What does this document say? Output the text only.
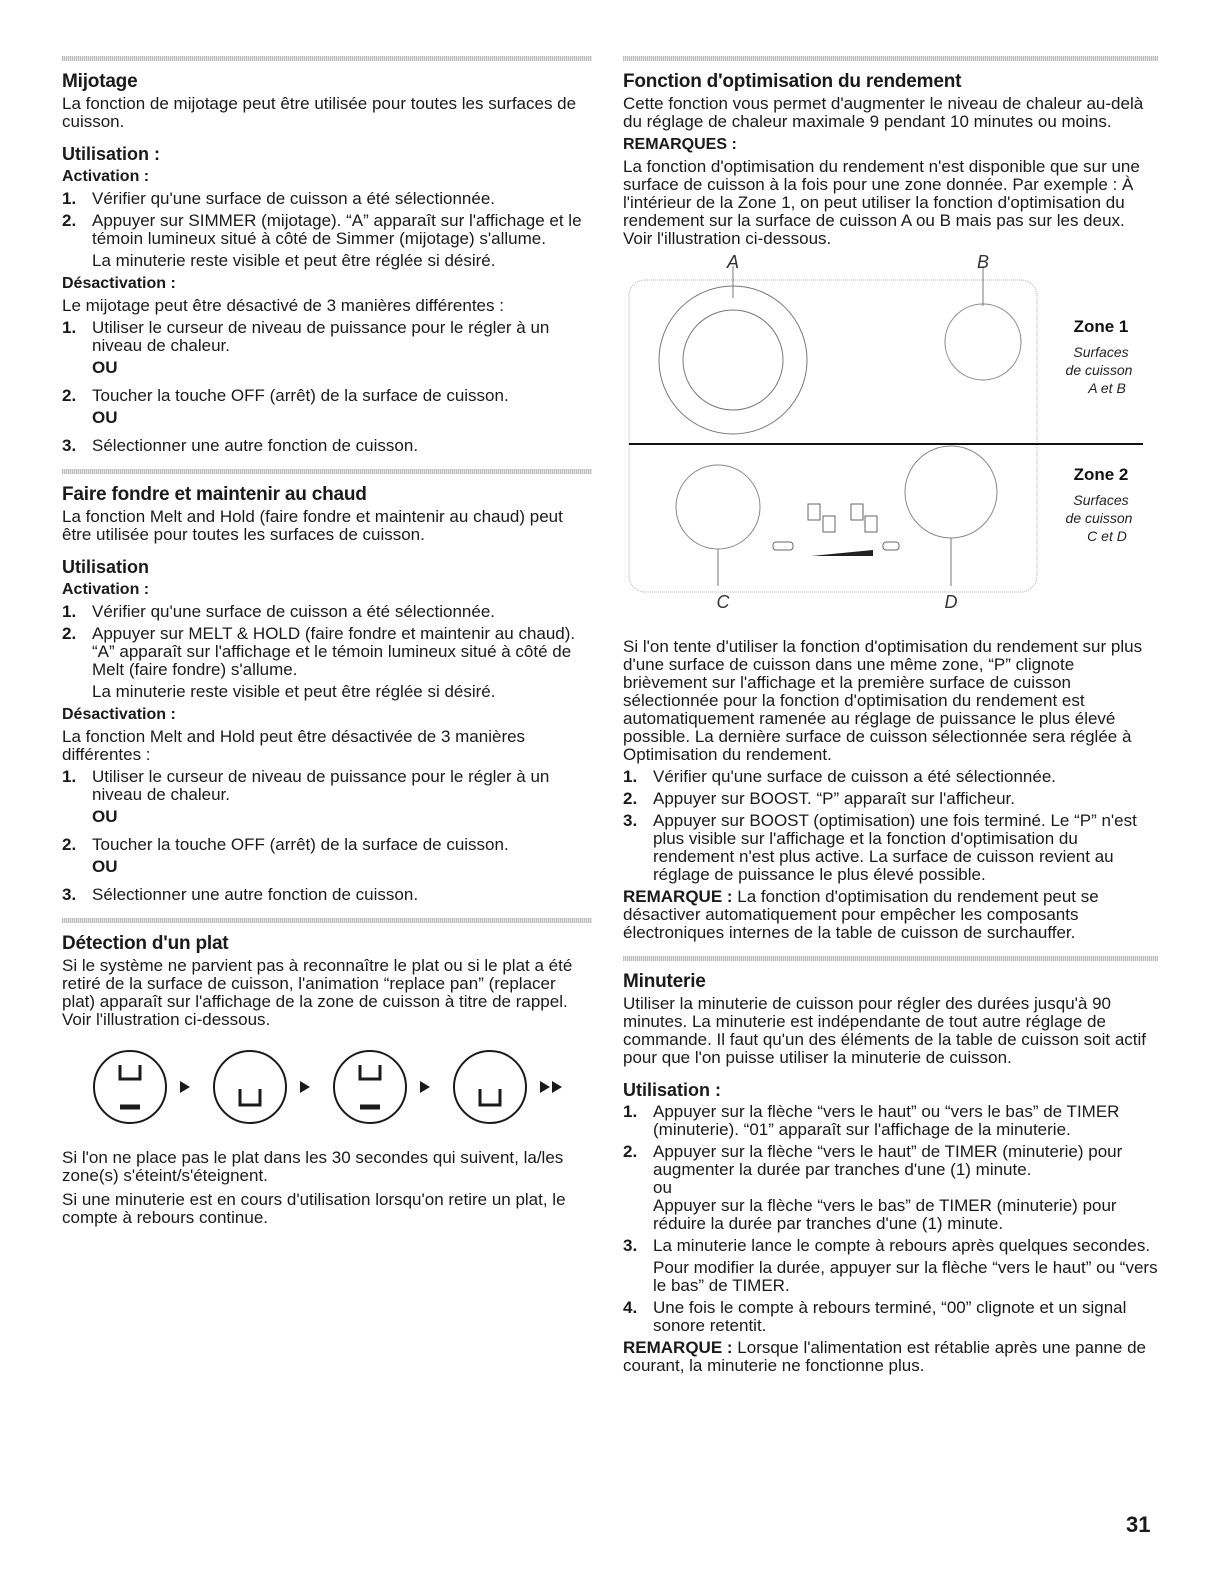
Mijotage

La fonction de mijotage peut être utilisée pour toutes les surfaces de cuisson.

Utilisation :
Activation :
1. Vérifier qu'une surface de cuisson a été sélectionnée.
2. Appuyer sur SIMMER (mijotage). “A” apparaît sur l'affichage et le témoin lumineux situé à côté de Simmer (mijotage) s'allume.

La minuterie reste visible et peut être réglée si désiré.

Désactivation :

Le mijotage peut être désactivé de 3 manières différentes :

1. Utiliser le curseur de niveau de puissance pour le régler à un niveau de chaleur.
OU
2. Toucher la touche OFF (arrêt) de la surface de cuisson.
OU
3. Sélectionner une autre fonction de cuisson.
Faire fondre et maintenir au chaud

La fonction Melt and Hold (faire fondre et maintenir au chaud) peut être utilisée pour toutes les surfaces de cuisson.

Utilisation
Activation :
1. Vérifier qu'une surface de cuisson a été sélectionnée.
2. Appuyer sur MELT & HOLD (faire fondre et maintenir au chaud). “A” apparaît sur l'affichage et le témoin lumineux situé à côté de Melt (faire fondre) s'allume.

La minuterie reste visible et peut être réglée si désiré.

Désactivation :

La fonction Melt and Hold peut être désactivée de 3 manières différentes :

1. Utiliser le curseur de niveau de puissance pour le régler à un niveau de chaleur.
OU
2. Toucher la touche OFF (arrêt) de la surface de cuisson.
OU
3. Sélectionner une autre fonction de cuisson.
Détection d'un plat

Si le système ne parvient pas à reconnaître le plat ou si le plat a été retiré de la surface de cuisson, l'animation “replace pan” (replacer plat) apparaît sur l'affichage de la zone de cuisson à titre de rappel. Voir l'illustration ci-dessous.

Si l'on ne place pas le plat dans les 30 secondes qui suivent, la/les zone(s) s'éteint/s'éteignent.

Si une minuterie est en cours d'utilisation lorsqu'on retire un plat, le compte à rebours continue.

Fonction d'optimisation du rendement

Cette fonction vous permet d'augmenter le niveau de chaleur au-delà du réglage de chaleur maximale 9 pendant 10 minutes ou moins.

REMARQUES :

La fonction d'optimisation du rendement n'est disponible que sur une surface de cuisson à la fois pour une zone donnée. Par exemple : À l'intérieur de la Zone 1, on peut utiliser la fonction d'optimisation du rendement sur la surface de cuisson A ou B mais pas sur les deux. Voir l'illustration ci-dessous.

A	B
C	D
Zone 1
Surfaces
de cuisson
A et B
Zone 2
Surfaces
de cuisson
C et D

Si l'on tente d'utiliser la fonction d'optimisation du rendement sur plus d'une surface de cuisson dans une même zone, “P” clignote brièvement sur l'affichage et la première surface de cuisson sélectionnée pour la fonction d'optimisation du rendement est automatiquement ramenée au réglage de puissance le plus élevé possible. La dernière surface de cuisson sélectionnée sera réglée à Optimisation du rendement.

1. Vérifier qu'une surface de cuisson a été sélectionnée.
2. Appuyer sur BOOST. “P” apparaît sur l'afficheur.
3. Appuyer sur BOOST (optimisation) une fois terminé. Le “P” n'est plus visible sur l'affichage et la fonction d'optimisation du rendement n'est plus active. La surface de cuisson revient au réglage de puissance le plus élevé possible.

REMARQUE : La fonction d'optimisation du rendement peut se désactiver automatiquement pour empêcher les composants électroniques internes de la table de cuisson de surchauffer.

Minuterie

Utiliser la minuterie de cuisson pour régler des durées jusqu'à 90 minutes. La minuterie est indépendante de tout autre réglage de commande. Il faut qu'un des éléments de la table de cuisson soit actif pour que l'on puisse utiliser la minuterie de cuisson.

Utilisation :
1. Appuyer sur la flèche “vers le haut” ou “vers le bas” de TIMER (minuterie). “01” apparaît sur l'affichage de la minuterie.
2. Appuyer sur la flèche “vers le haut” de TIMER (minuterie) pour augmenter la durée par tranches d'une (1) minute.
ou
Appuyer sur la flèche “vers le bas” de TIMER (minuterie) pour réduire la durée par tranches d'une (1) minute.
3. La minuterie lance le compte à rebours après quelques secondes.

Pour modifier la durée, appuyer sur la flèche “vers le haut” ou “vers le bas” de TIMER.

4. Une fois le compte à rebours terminé, “00” clignote et un signal sonore retentit.

REMARQUE : Lorsque l'alimentation est rétablie après une panne de courant, la minuterie ne fonctionne plus.

31
